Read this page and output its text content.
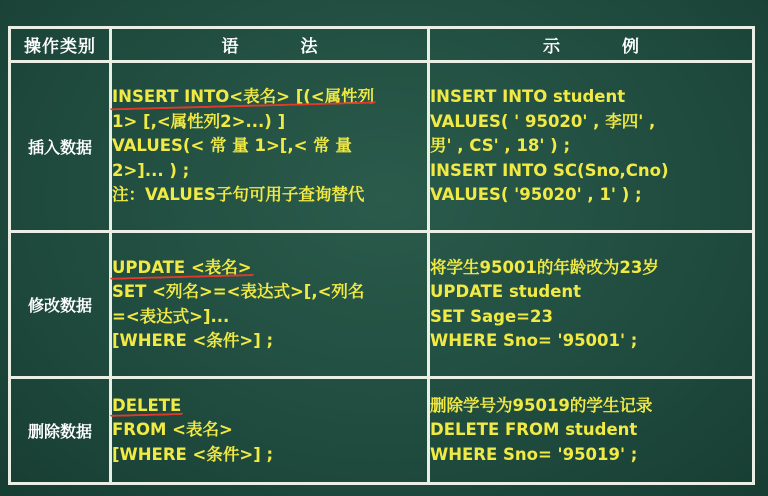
操作类别	语 法	示 例
插入数据	INSERT INTO<表名> [(<属性列
1> [,<属性列2>...) ]
VALUES(< 常 量 1>[,< 常 量
2>]... ) ;
注：VALUES子句可用子查询替代	INSERT INTO student
VALUES( ' 95020' , 李四' ,
男' , CS' , 18' ) ;
INSERT INTO SC(Sno,Cno)
VALUES( '95020' , 1' ) ;

修改数据	UPDATE <表名>
SET <列名>=<表达式>[,<列名
=<表达式>]...
[WHERE <条件>] ;	将学生95001的年龄改为23岁
UPDATE student
SET Sage=23
WHERE Sno= '95001' ;

删除数据	DELETE
FROM <表名>
[WHERE <条件>] ;	删除学号为95019的学生记录
DELETE FROM student
WHERE Sno= '95019' ;
